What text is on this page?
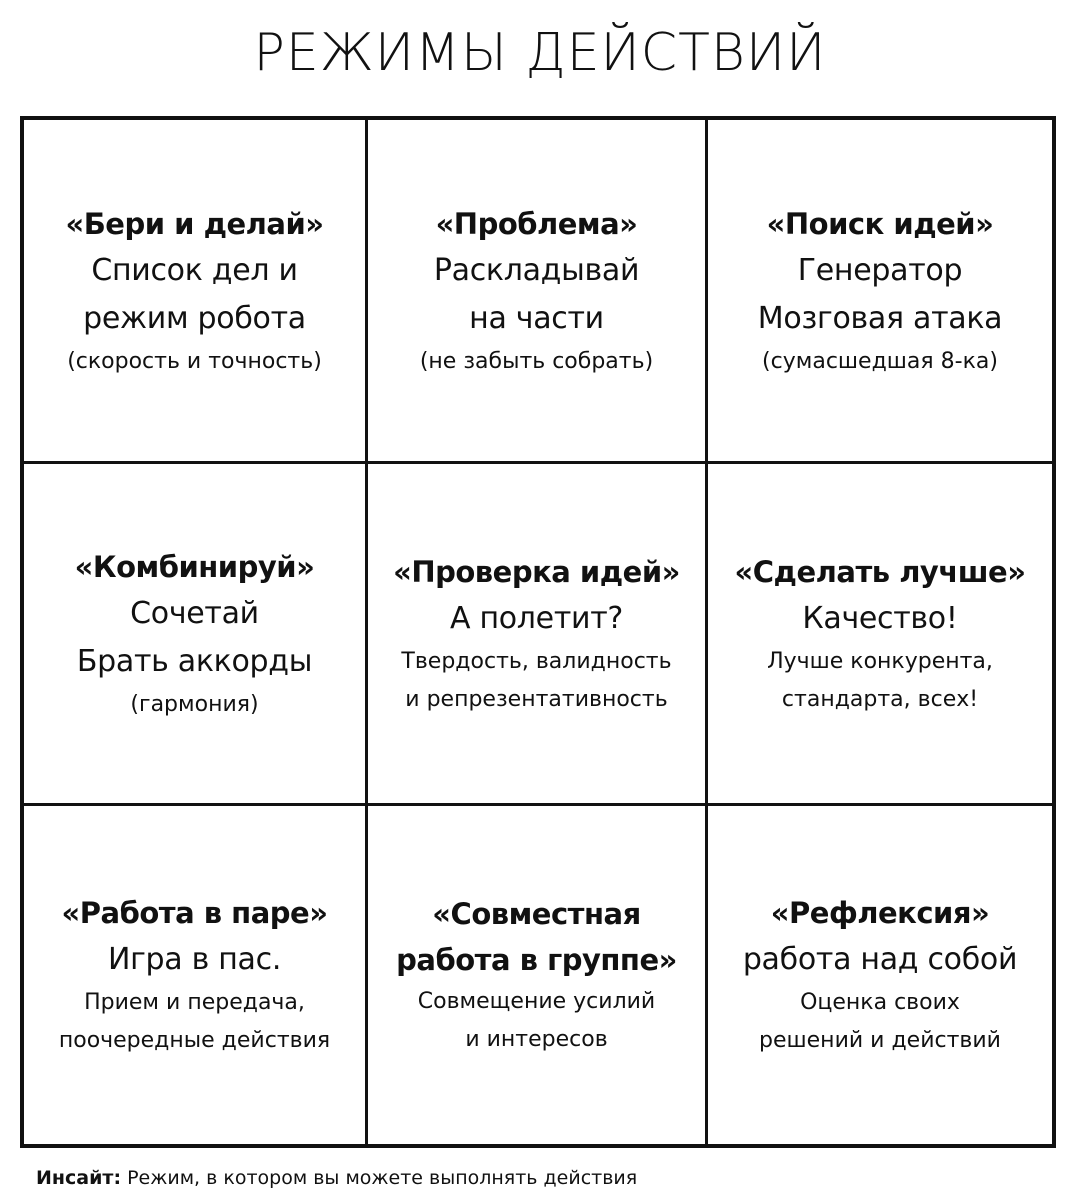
РЕЖИМЫ ДЕЙСТВИЙ
«Бери и делай»
Список дел и
режим робота
(скорость и точность)
«Проблема»
Раскладывай
на части
(не забыть собрать)
«Поиск идей»
Генератор
Мозговая атака
(сумасшедшая 8-ка)
«Комбинируй»
Сочетай
Брать аккорды
(гармония)
«Проверка идей»
А полетит?
Твердость, валидность
и репрезентативность
«Сделать лучше»
Качество!
Лучше конкурента,
стандарта, всех!
«Работа в паре»
Игра в пас.
Прием и передача,
поочередные действия
«Совместная
работа в группе»
Совмещение усилий
и интересов
«Рефлексия»
работа над собой
Оценка своих
решений и действий
Инсайт: Режим, в котором вы можете выполнять действия
